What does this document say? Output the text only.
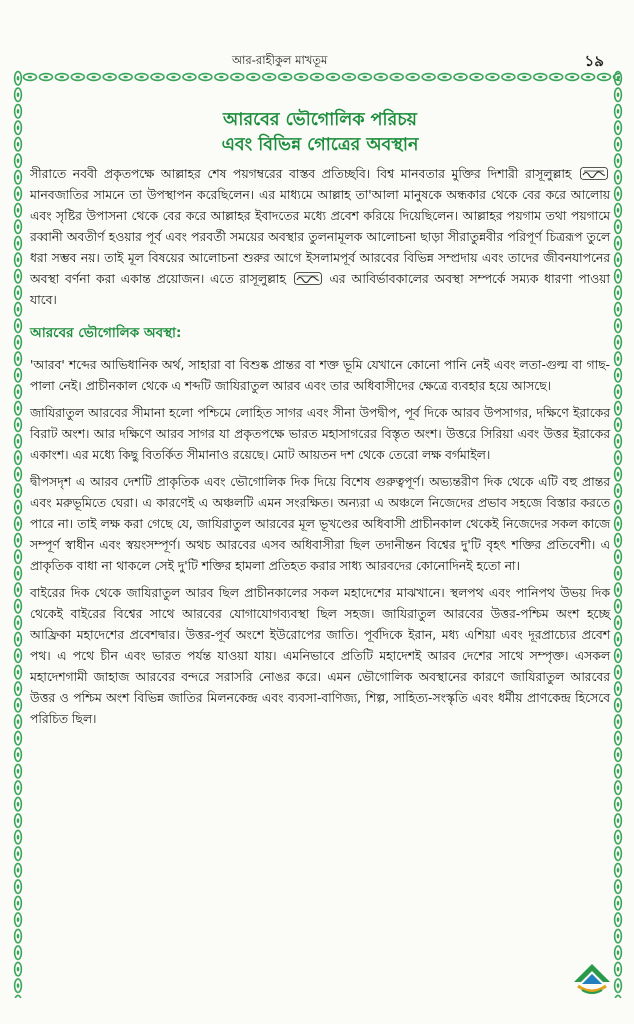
আর-রাহীকুল মাখতূম	১৯
আরবের ভৌগোলিক পরিচয়
এবং বিভিন্ন গোত্রের অবস্থান

সীরাতে নববী প্রকৃতপক্ষে আল্লাহর শেষ পয়গম্বরের বাস্তব প্রতিচ্ছবি। বিশ্ব মানবতার মুক্তির দিশারী রাসূলুল্লাহ
মানবজাতির সামনে তা উপস্থাপন করেছিলেন। এর মাধ্যমে আল্লাহ তা'আলা মানুষকে অন্ধকার থেকে বের করে আলোয় এবং সৃষ্টির উপাসনা থেকে বের করে আল্লাহর ইবাদতের মধ্যে প্রবেশ করিয়ে দিয়েছিলেন। আল্লাহর পয়গাম তথা পয়গামে রব্বানী অবতীর্ণ হওয়ার পূর্ব এবং পরবর্তী সময়ের অবস্থার তুলনামূলক আলোচনা ছাড়া সীরাতুন্নবীর পরিপূর্ণ চিত্ররূপ তুলে ধরা সম্ভব নয়। তাই মূল বিষয়ের আলোচনা শুরুর আগে ইসলামপূর্ব আরবের বিভিন্ন সম্প্রদায় এবং তাদের জীবনযাপনের অবস্থা বর্ণনা করা একান্ত প্রয়োজন। এতে রাসূলুল্লাহ	এর আবির্ভাবকালের অবস্থা সম্পর্কে সম্যক ধারণা পাওয়া যাবে।

আরবের ভৌগোলিক অবস্থা:

'আরব' শব্দের আভিধানিক অর্থ, সাহারা বা বিশুষ্ক প্রান্তর বা শক্ত ভূমি যেখানে কোনো পানি নেই এবং লতা-গুল্ম বা গাছ-পালা নেই। প্রাচীনকাল থেকে এ শব্দটি জাযিরাতুল আরব এবং তার অধিবাসীদের ক্ষেত্রে ব্যবহার হয়ে আসছে।

জাযিরাতুল আরবের সীমানা হলো পশ্চিমে লোহিত সাগর এবং সীনা উপদ্বীপ, পূর্ব দিকে আরব উপসাগর, দক্ষিণে ইরাকের বিরাট অংশ। আর দক্ষিণে আরব সাগর যা প্রকৃতপক্ষে ভারত মহাসাগরের বিস্তৃত অংশ। উত্তরে সিরিয়া এবং উত্তর ইরাকের একাংশ। এর মধ্যে কিছু বিতর্কিত সীমানাও রয়েছে। মোট আয়তন দশ থেকে তেরো লক্ষ বর্গমাইল।

দ্বীপসদৃশ এ আরব দেশটি প্রাকৃতিক এবং ভৌগোলিক দিক দিয়ে বিশেষ গুরুত্বপূর্ণ। অভ্যন্তরীণ দিক থেকে এটি বহু প্রান্তর এবং মরুভূমিতে ঘেরা। এ কারণেই এ অঞ্চলটি এমন সংরক্ষিত। অন্যরা এ অঞ্চলে নিজেদের প্রভাব সহজে বিস্তার করতে পারে না। তাই লক্ষ করা গেছে যে, জাযিরাতুল আরবের মূল ভূখণ্ডের অধিবাসী প্রাচীনকাল থেকেই নিজেদের সকল কাজে সম্পূর্ণ স্বাধীন এবং স্বয়ংসম্পূর্ণ। অথচ আরবের এসব অধিবাসীরা ছিল তদানীন্তন বিশ্বের দু'টি বৃহৎ শক্তির প্রতিবেশী। এ প্রাকৃতিক বাধা না থাকলে সেই দু'টি শক্তির হামলা প্রতিহত করার সাধ্য আরবদের কোনোদিনই হতো না।

বাইরের দিক থেকে জাযিরাতুল আরব ছিল প্রাচীনকালের সকল মহাদেশের মাঝখানে। স্থলপথ এবং পানিপথ উভয় দিক থেকেই বাইরের বিশ্বের সাথে আরবের যোগাযোগব্যবস্থা ছিল সহজ। জাযিরাতুল আরবের উত্তর-পশ্চিম অংশ হচ্ছে আফ্রিকা মহাদেশের প্রবেশদ্বার। উত্তর-পূর্ব অংশে ইউরোপের জাতি। পূর্বদিকে ইরান, মধ্য এশিয়া এবং দূরপ্রাচ্যের প্রবেশ পথ। এ পথে চীন এবং ভারত পর্যন্ত যাওয়া যায়। এমনিভাবে প্রতিটি মহাদেশই আরব দেশের সাথে সম্পৃক্ত। এসকল মহাদেশগামী জাহাজ আরবের বন্দরে সরাসরি নোঙর করে। এমন ভৌগোলিক অবস্থানের কারণে জাযিরাতুল আরবের উত্তর ও পশ্চিম অংশ বিভিন্ন জাতির মিলনকেন্দ্র এবং ব্যবসা-বাণিজ্য, শিল্প, সাহিত্য-সংস্কৃতি এবং ধর্মীয় প্রাণকেন্দ্র হিসেবে পরিচিত ছিল।
